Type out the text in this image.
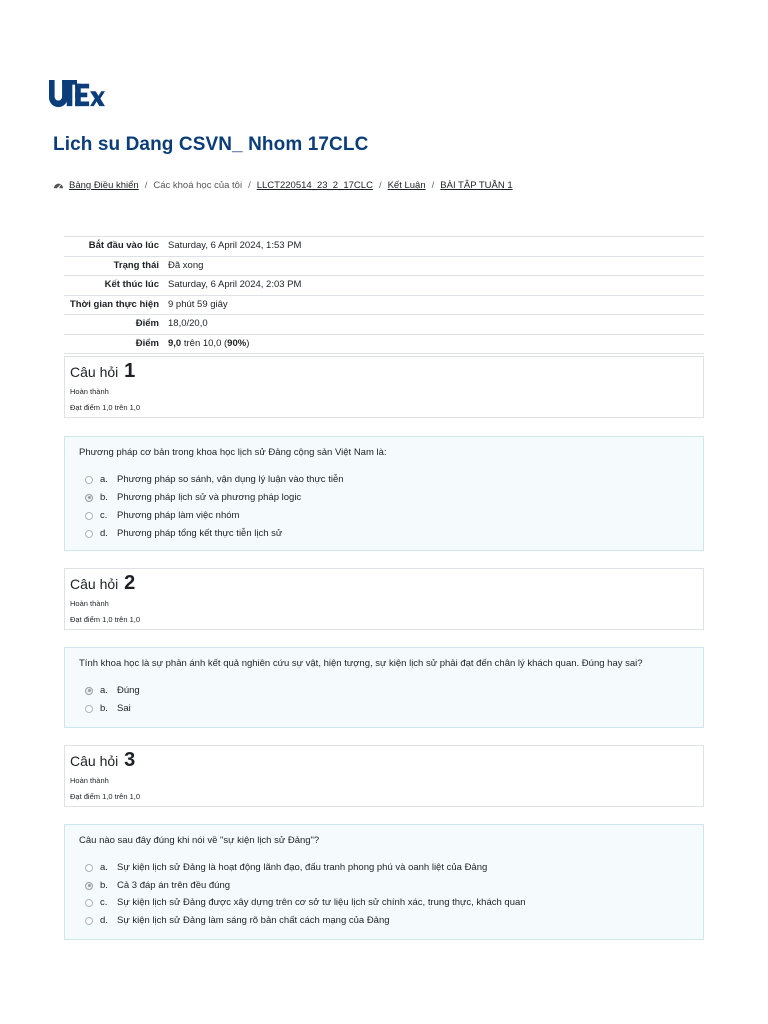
Lich su Dang CSVN_ Nhom 17CLC
Bảng Điều khiển / Các khoá học của tôi / LLCT220514_23_2_17CLC / Kết Luận / BÀI TẬP TUẦN 1
Bắt đầu vào lúc	Saturday, 6 April 2024, 1:53 PM
Trạng thái	Đã xong
Kết thúc lúc	Saturday, 6 April 2024, 2:03 PM
Thời gian thực hiện	9 phút 59 giây
Điểm	18,0/20,0
Điểm	9,0 trên 10,0 (90%)
Câu hỏi 1
Hoàn thành
Đạt điểm 1,0 trên 1,0
Phương pháp cơ bản trong khoa học lịch sử Đảng cộng sản Việt Nam là:
a. Phương pháp so sánh, vận dụng lý luận vào thực tiễn
b. Phương pháp lịch sử và phương pháp logic
c.	Phương pháp làm việc nhóm
d. Phương pháp tổng kết thực tiễn lịch sử
Câu hỏi 2
Hoàn thành
Đạt điểm 1,0 trên 1,0
Tính khoa học là sự phản ánh kết quả nghiên cứu sự vật, hiện tượng, sự kiện lịch sử phải đạt đến chân lý khách quan. Đúng hay sai?
a. Đúng
b. Sai
Câu hỏi 3
Hoàn thành
Đạt điểm 1,0 trên 1,0
Câu nào sau đây đúng khi nói về "sự kiện lịch sử Đảng"?
a. Sự kiện lịch sử Đảng là hoạt động lãnh đạo, đấu tranh phong phú và oanh liệt của Đảng
b. Cả 3 đáp án trên đều đúng
c.	Sự kiện lịch sử Đảng được xây dựng trên cơ sở tư liệu lịch sử chính xác, trung thực, khách quan
d. Sự kiện lịch sử Đảng làm sáng rõ bản chất cách mạng của Đảng
